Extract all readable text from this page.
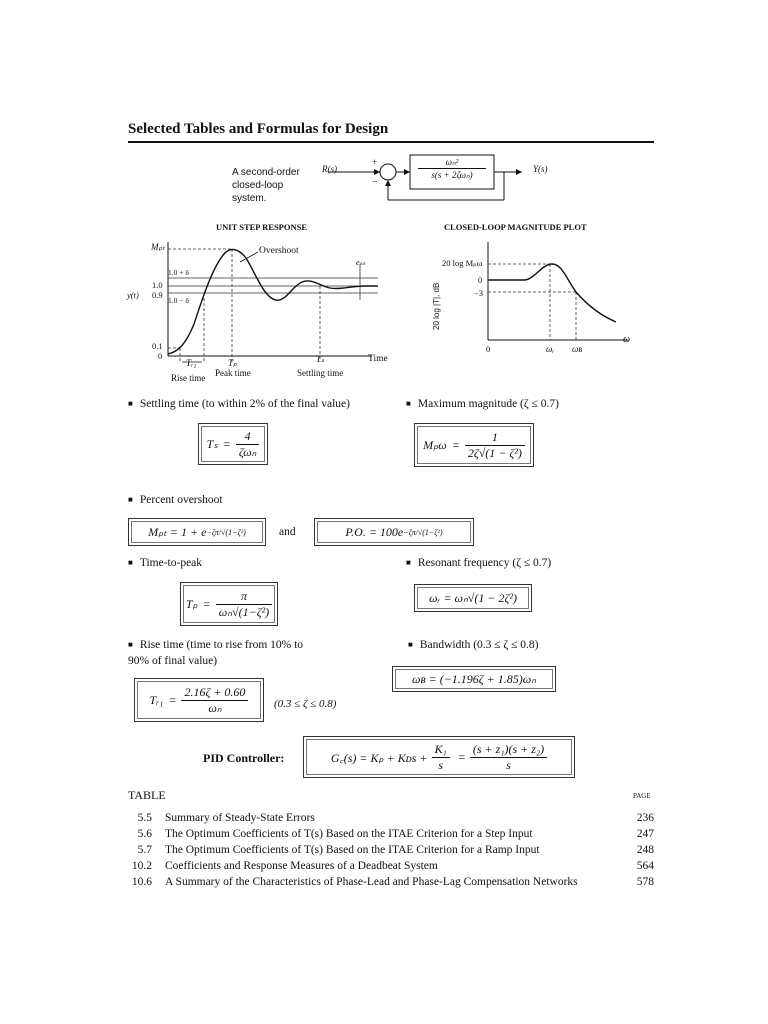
Selected Tables and Formulas for Design
A second-order closed-loop system.
R(s)
+
−
Y(s)
ωₙ²
s(s + 2ζωₙ)
UNIT STEP RESPONSE
Mₚₜ	Overshoot
eₛₛ
1.0 + δ
1.0
y(t) 0.9
1.0 − δ
0.1
0
Tᵣ₁	Tₚ	Tₛ	Time
Rise time Peak time	Settling time
CLOSED-LOOP MAGNITUDE PLOT
20 log |T|, dB
20 log Mₚω
0
−3
0	ωᵣ ωʙ
ω
■ Settling time (to within 2% of the final value)
$T_s = \frac{4}{\text{ζωₙ}}$
■ Maximum magnitude (ζ ≤ 0.7)
$M_p\omega = \frac{1}{\text{2ζ√(1 − ζ²)}}$
■ Percent overshoot
Mₚₜ = 1 + e −ζπ/√(1−ζ²)	and	P.O. = 100e −ζπ/√(1−ζ²)
■ Time-to-peak
$T_p = \frac{\pi}{\text{ωₙ√(1−ζ²)}}$
■ Resonant frequency (ζ ≤ 0.7)
ωᵣ = ωₙ√(1 − 2ζ²)
■ Rise time (time to rise from 10% to
90% of final value)
Tᵣ₁ = $\frac{2.16\zeta + 0.60}{\text{ωₙ}} (0.3 \le \zeta \le 0.8)$
■ Bandwidth (0.3 ≤ ζ ≤ 0.8)
ωʙ = (−1.196ζ + 1.85)ωₙ
PID Controller:	G꜀(s) = Kₚ + Kᴅs + $\frac{\text{K₁}}{s} = \frac{\text{(s + z₁)(s + z₂)}}{s}$
TABLE	PAGE
5.5 Summary of Steady-State Errors	236
5.6 The Optimum Coefficients of T(s) Based on the ITAE Criterion for a Step Input	247
5.7 The Optimum Coefficients of T(s) Based on the ITAE Criterion for a Ramp Input	248
10.2 Coefficients and Response Measures of a Deadbeat System	564
10.6 A Summary of the Characteristics of Phase-Lead and Phase-Lag Compensation Networks	578
